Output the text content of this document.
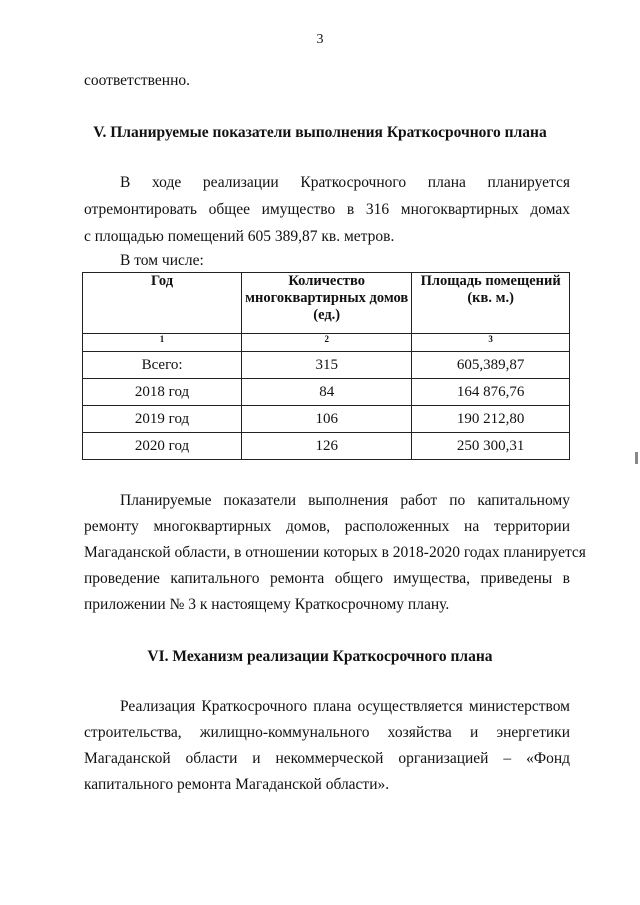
3
соответственно.
V. Планируемые показатели выполнения Краткосрочного плана
В ходе реализации Краткосрочного плана планируется
отремонтировать общее имущество в 316 многоквартирных домах
с площадью помещений 605 389,87 кв. метров.
В том числе:
Год	Количество многоквартирных домов (ед.)	Площадь помещений (кв. м.)
1	2	3
Всего:	315	605,389,87
2018 год	84	164 876,76
2019 год	106	190 212,80
2020 год	126	250 300,31
Планируемые показатели выполнения работ по капитальному
ремонту многоквартирных домов, расположенных на территории
Магаданской области, в отношении которых в 2018-2020 годах планируется
проведение капитального ремонта общего имущества, приведены в
приложении № 3 к настоящему Краткосрочному плану.
VI. Механизм реализации Краткосрочного плана
Реализация Краткосрочного плана осуществляется министерством
строительства, жилищно-коммунального хозяйства и энергетики
Магаданской области и некоммерческой организацией – «Фонд
капитального ремонта Магаданской области».
